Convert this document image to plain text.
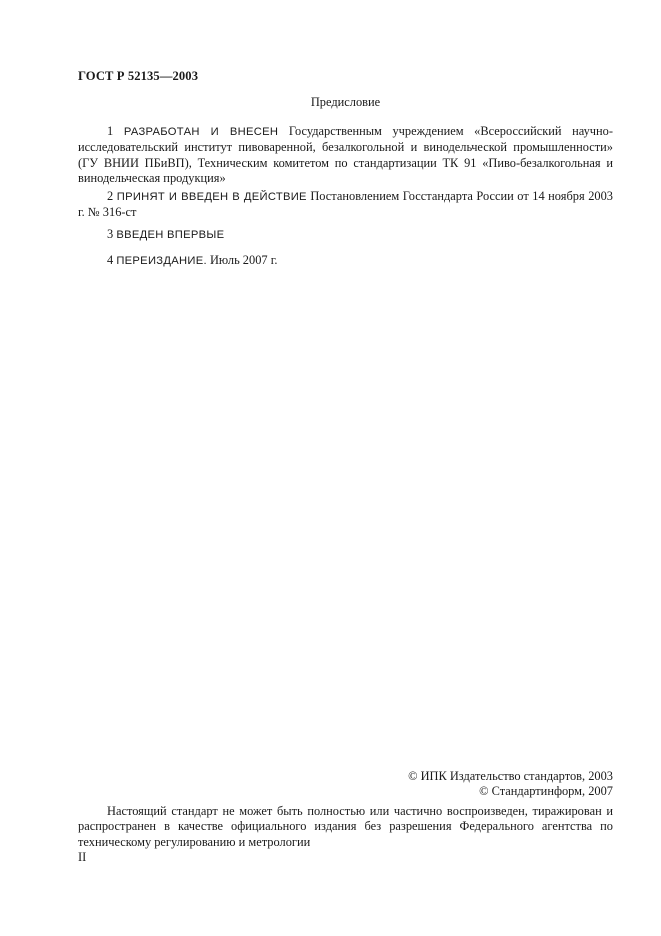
ГОСТ Р 52135—2003
Предисловие

1 РАЗРАБОТАН И ВНЕСЕН Государственным учреждением «Всероссийский научно-исследовательский институт пивоваренной, безалкогольной и винодельческой промышленности» (ГУ ВНИИ ПБиВП), Техническим комитетом по стандартизации ТК 91 «Пиво-безалкогольная и винодельческая продукция»

2 ПРИНЯТ И ВВЕДЕН В ДЕЙСТВИЕ Постановлением Госстандарта России от 14 ноября 2003 г. № 316-ст

3 ВВЕДЕН ВПЕРВЫЕ

4 ПЕРЕИЗДАНИЕ. Июль 2007 г.

© ИПК Издательство стандартов, 2003
© Стандартинформ, 2007

Настоящий стандарт не может быть полностью или частично воспроизведен, тиражирован и распространен в качестве официального издания без разрешения Федерального агентства по техническому регулированию и метрологии

II
